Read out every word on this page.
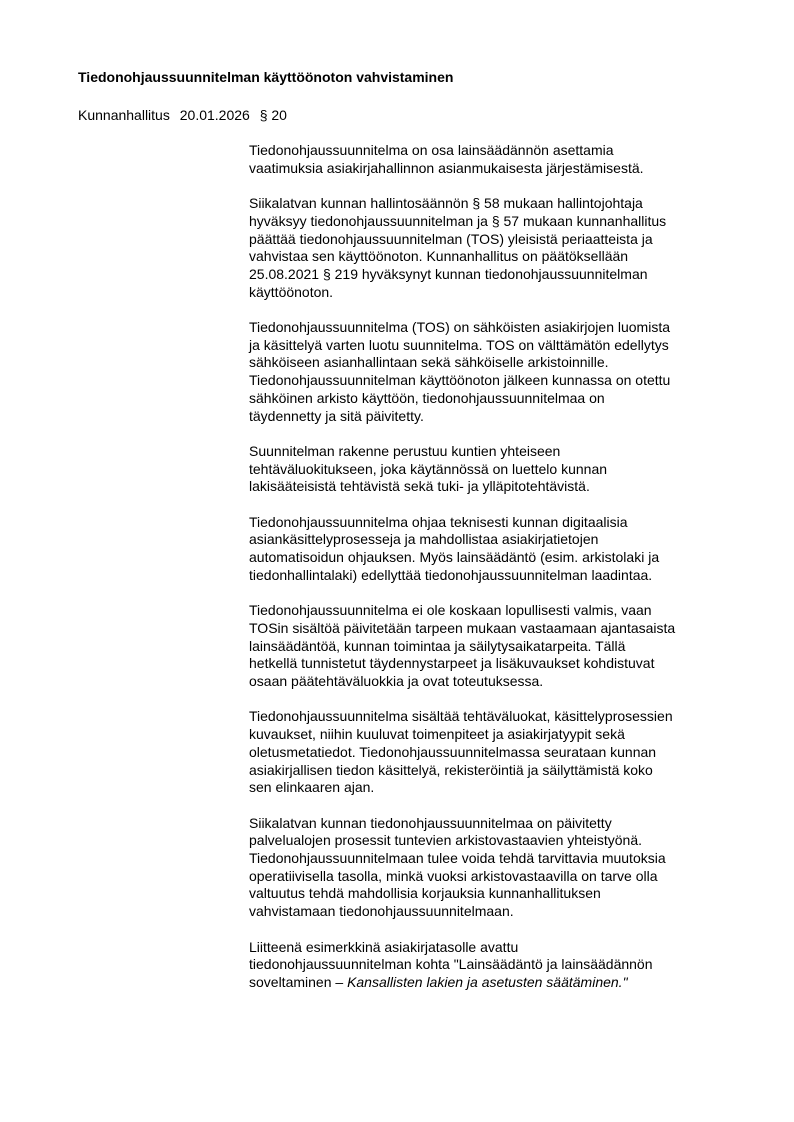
Tiedonohjaussuunnitelman käyttöönoton vahvistaminen
Kunnanhallitus 20.01.2026 § 20

Tiedonohjaussuunnitelma on osa lainsäädännön asettamia
vaatimuksia asiakirjahallinnon asianmukaisesta järjestämisestä.

Siikalatvan kunnan hallintosäännön § 58 mukaan hallintojohtaja
hyväksyy tiedonohjaussuunnitelman ja § 57 mukaan kunnanhallitus
päättää tiedonohjaussuunnitelman (TOS) yleisistä periaatteista ja
vahvistaa sen käyttöönoton. Kunnanhallitus on päätöksellään
25.08.2021 § 219 hyväksynyt kunnan tiedonohjaussuunnitelman
käyttöönoton.

Tiedonohjaussuunnitelma (TOS) on sähköisten asiakirjojen luomista
ja käsittelyä varten luotu suunnitelma. TOS on välttämätön edellytys
sähköiseen asianhallintaan sekä sähköiselle arkistoinnille.
Tiedonohjaussuunnitelman käyttöönoton jälkeen kunnassa on otettu
sähköinen arkisto käyttöön, tiedonohjaussuunnitelmaa on
täydennetty ja sitä päivitetty.

Suunnitelman rakenne perustuu kuntien yhteiseen
tehtäväluokitukseen, joka käytännössä on luettelo kunnan
lakisääteisistä tehtävistä sekä tuki- ja ylläpitotehtävistä.

Tiedonohjaussuunnitelma ohjaa teknisesti kunnan digitaalisia
asiankäsittelyprosesseja ja mahdollistaa asiakirjatietojen
automatisoidun ohjauksen. Myös lainsäädäntö (esim. arkistolaki ja
tiedonhallintalaki) edellyttää tiedonohjaussuunnitelman laadintaa.

Tiedonohjaussuunnitelma ei ole koskaan lopullisesti valmis, vaan
TOSin sisältöä päivitetään tarpeen mukaan vastaamaan ajantasaista
lainsäädäntöä, kunnan toimintaa ja säilytysaikatarpeita. Tällä
hetkellä tunnistetut täydennystarpeet ja lisäkuvaukset kohdistuvat
osaan päätehtäväluokkia ja ovat toteutuksessa.

Tiedonohjaussuunnitelma sisältää tehtäväluokat, käsittelyprosessien
kuvaukset, niihin kuuluvat toimenpiteet ja asiakirjatyypit sekä
oletusmetatiedot. Tiedonohjaussuunnitelmassa seurataan kunnan
asiakirjallisen tiedon käsittelyä, rekisteröintiä ja säilyttämistä koko
sen elinkaaren ajan.

Siikalatvan kunnan tiedonohjaussuunnitelmaa on päivitetty
palvelualojen prosessit tuntevien arkistovastaavien yhteistyönä.
Tiedonohjaussuunnitelmaan tulee voida tehdä tarvittavia muutoksia
operatiivisella tasolla, minkä vuoksi arkistovastaavilla on tarve olla
valtuutus tehdä mahdollisia korjauksia kunnanhallituksen
vahvistamaan tiedonohjaussuunnitelmaan.

Liitteenä esimerkkinä asiakirjatasolle avattu
tiedonohjaussuunnitelman kohta "Lainsäädäntö ja lainsäädännön
soveltaminen – Kansallisten lakien ja asetusten säätäminen."
